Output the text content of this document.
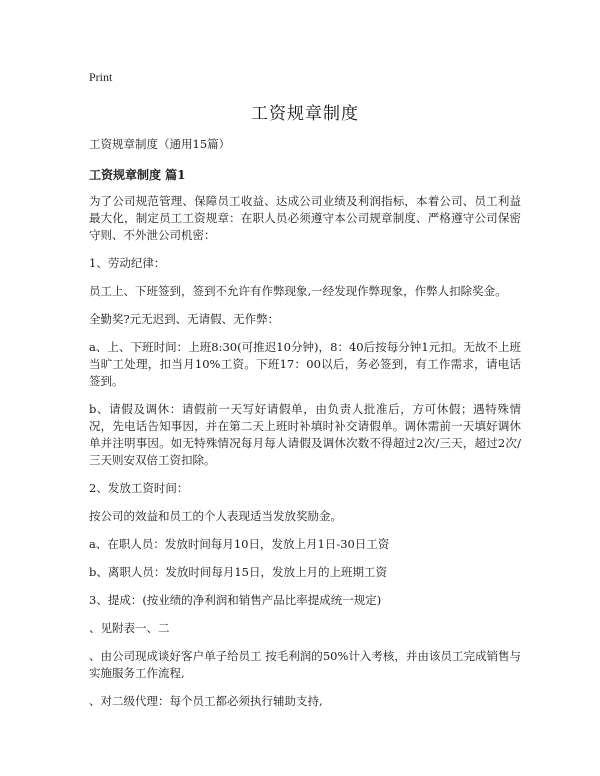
Print
工资规章制度
工资规章制度（通用15篇）
工资规章制度 篇1
为了公司规范管理、保障员工收益、达成公司业绩及利润指标，本着公司、员工利益最大化，制定员工工资规章：在职人员必须遵守本公司规章制度、严格遵守公司保密守则、不外泄公司机密：
1、劳动纪律：
员工上、下班签到，签到不允许有作弊现象,一经发现作弊现象，作弊人扣除奖金。
全勤奖?元无迟到、无请假、无作弊：
a、上、下班时间：上班8:30(可推迟10分钟)，8：40后按每分钟1元扣。无故不上班当旷工处理，扣当月10%工资。下班17：00以后，务必签到，有工作需求，请电话签到。
b、请假及调休：请假前一天写好请假单，由负责人批准后，方可休假；遇特殊情况，先电话告知事因，并在第二天上班时补填时补交请假单。调休需前一天填好调休单并注明事因。如无特殊情况每月每人请假及调休次数不得超过2次/三天，超过2次/三天则安双倍工资扣除。
2、发放工资时间：
按公司的效益和员工的个人表现适当发放奖励金。
a、在职人员：发放时间每月10日，发放上月1日-30日工资
b、离职人员：发放时间每月15日，发放上月的上班期工资
3、提成：(按业绩的净利润和销售产品比率提成统一规定)
、见附表一、二
、由公司现成谈好客户单子给员工 按毛利润的50%计入考核，并由该员工完成销售与实施服务工作流程,
、对二级代理：每个员工都必须执行辅助支持,
